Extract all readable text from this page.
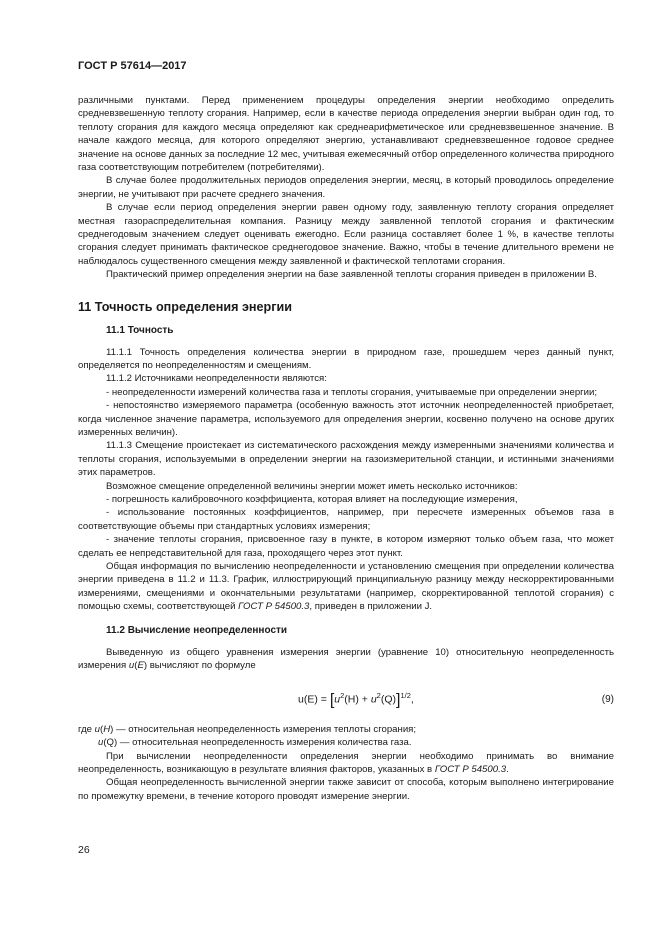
ГОСТ Р 57614—2017

различными пунктами. Перед применением процедуры определения энергии необходимо определить средневзвешенную теплоту сгорания. Например, если в качестве периода определения энергии выбран один год, то теплоту сгорания для каждого месяца определяют как среднеарифметическое или средневзвешенное значение. В начале каждого месяца, для которого определяют энергию, устанавливают средневзвешенное годовое среднее значение на основе данных за последние 12 мес, учитывая ежемесячный отбор определенного количества природного газа соответствующим потребителем (потребителями).

В случае более продолжительных периодов определения энергии, месяц, в который проводилось определение энергии, не учитывают при расчете среднего значения.

В случае если период определения энергии равен одному году, заявленную теплоту сгорания определяет местная газораспределительная компания. Разницу между заявленной теплотой сгорания и фактическим среднегодовым значением следует оценивать ежегодно. Если разница составляет более 1 %, в качестве теплоты сгорания следует принимать фактическое среднегодовое значение. Важно, чтобы в течение длительного времени не наблюдалось существенного смещения между заявленной и фактической теплотами сгорания.

Практический пример определения энергии на базе заявленной теплоты сгорания приведен в приложении В.

11 Точность определения энергии
11.1 Точность

11.1.1 Точность определения количества энергии в природном газе, прошедшем через данный пункт, определяется по неопределенностям и смещениям.

11.1.2 Источниками неопределенности являются:

- неопределенности измерений количества газа и теплоты сгорания, учитываемые при определении энергии;

- непостоянство измеряемого параметра (особенную важность этот источник неопределенностей приобретает, когда численное значение параметра, используемого для определения энергии, косвенно получено на основе других измеренных величин).

11.1.3 Смещение проистекает из систематического расхождения между измеренными значениями количества и теплоты сгорания, используемыми в определении энергии на газоизмерительной станции, и истинными значениями этих параметров.

Возможное смещение определенной величины энергии может иметь несколько источников:

- погрешность калибровочного коэффициента, которая влияет на последующие измерения,

- использование постоянных коэффициентов, например, при пересчете измеренных объемов газа в соответствующие объемы при стандартных условиях измерения;

- значение теплоты сгорания, присвоенное газу в пункте, в котором измеряют только объем газа, что может сделать ее непредставительной для газа, проходящего через этот пункт.

Общая информация по вычислению неопределенности и установлению смещения при определении количества энергии приведена в 11.2 и 11.3. График, иллюстрирующий принципиальную разницу между нескорректированными измерениями, смещениями и окончательными результатами (например, скорректированной теплотой сгорания) с помощью схемы, соответствующей ГОСТ Р 54500.3, приведен в приложении J.

11.2 Вычисление неопределенности

Выведенную из общего уравнения измерения энергии (уравнение 10) относительную неопределенность измерения u(E) вычисляют по формуле

$u(E) = [u^2(H) + u^2(Q)]^{1/2}$,	(9)

где u(H) — относительная неопределенность измерения теплоты сгорания;

u(Q) — относительная неопределенность измерения количества газа.

При вычислении неопределенности определения энергии необходимо принимать во внимание неопределенность, возникающую в результате влияния факторов, указанных в ГОСТ Р 54500.3.

Общая неопределенность вычисленной энергии также зависит от способа, которым выполнено интегрирование по промежутку времени, в течение которого проводят измерение энергии.

26
